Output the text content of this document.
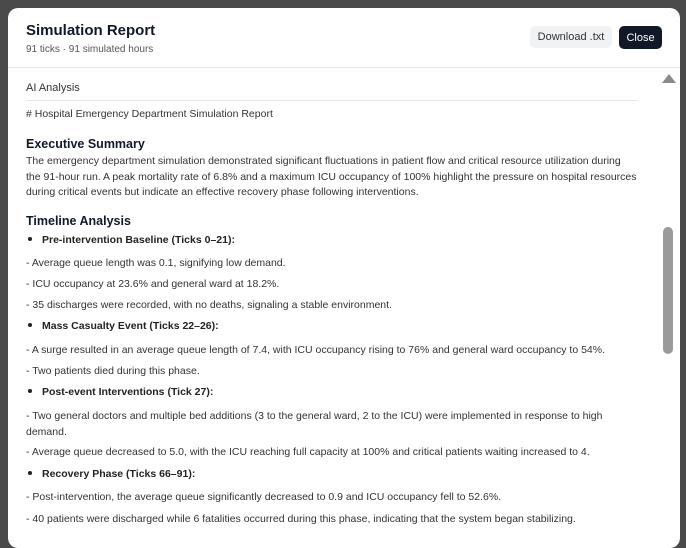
Simulation Report
91 ticks · 91 simulated hours
Download .txt	Close
AI Analysis
# Hospital Emergency Department Simulation Report
Executive Summary
The emergency department simulation demonstrated significant fluctuations in patient flow and critical resource utilization during the 91-hour run. A peak mortality rate of 6.8% and a maximum ICU occupancy of 100% highlight the pressure on hospital resources during critical events but indicate an effective recovery phase following interventions.
Timeline Analysis
Pre-intervention Baseline (Ticks 0–21):
- Average queue length was 0.1, signifying low demand.
- ICU occupancy at 23.6% and general ward at 18.2%.
- 35 discharges were recorded, with no deaths, signaling a stable environment.
Mass Casualty Event (Ticks 22–26):
- A surge resulted in an average queue length of 7.4, with ICU occupancy rising to 76% and general ward occupancy to 54%.
- Two patients died during this phase.
Post-event Interventions (Tick 27):
- Two general doctors and multiple bed additions (3 to the general ward, 2 to the ICU) were implemented in response to high demand.
- Average queue decreased to 5.0, with the ICU reaching full capacity at 100% and critical patients waiting increased to 4.
Recovery Phase (Ticks 66–91):
- Post-intervention, the average queue significantly decreased to 0.9 and ICU occupancy fell to 52.6%.
- 40 patients were discharged while 6 fatalities occurred during this phase, indicating that the system began stabilizing.
